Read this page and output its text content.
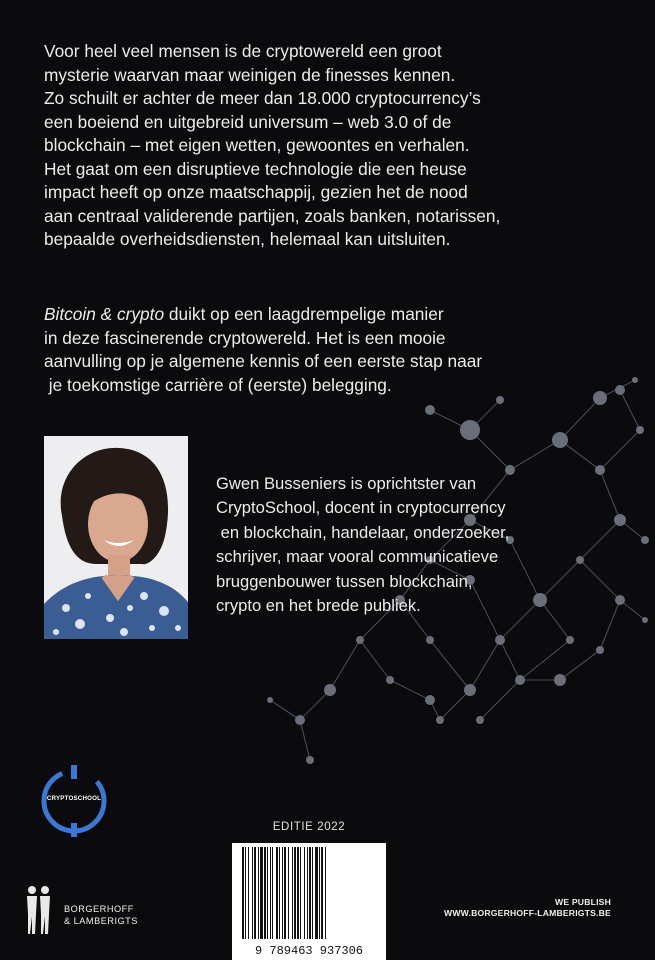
Voor heel veel mensen is de cryptowereld een groot
mysterie waarvan maar weinigen de finesses kennen.
Zo schuilt er achter de meer dan 18.000 cryptocurrency’s
een boeiend en uitgebreid universum – web 3.0 of de
blockchain – met eigen wetten, gewoontes en verhalen.
Het gaat om een disruptieve technologie die een heuse
impact heeft op onze maatschappij, gezien het de nood
aan centraal validerende partijen, zoals banken, notarissen,
bepaalde overheidsdiensten, helemaal kan uitsluiten.
Bitcoin & crypto duikt op een laagdrempelige manier
in deze fascinerende cryptowereld. Het is een mooie
aanvulling op je algemene kennis of een eerste stap naar
je toekomstige carrière of (eerste) belegging.
Gwen Busseniers is oprichtster van
CryptoSchool, docent in cryptocurrency
en blockchain, handelaar, onderzoeker,
schrijver, maar vooral communicatieve
bruggenbouwer tussen blockchain,
crypto en het brede publiek.
CRYPTOSCHOOL
EDITIE 2022
9 789463 937306
BORGERHOFF
& LAMBERIGTS
WE PUBLISH
WWW.BORGERHOFF-LAMBERIGTS.BE
